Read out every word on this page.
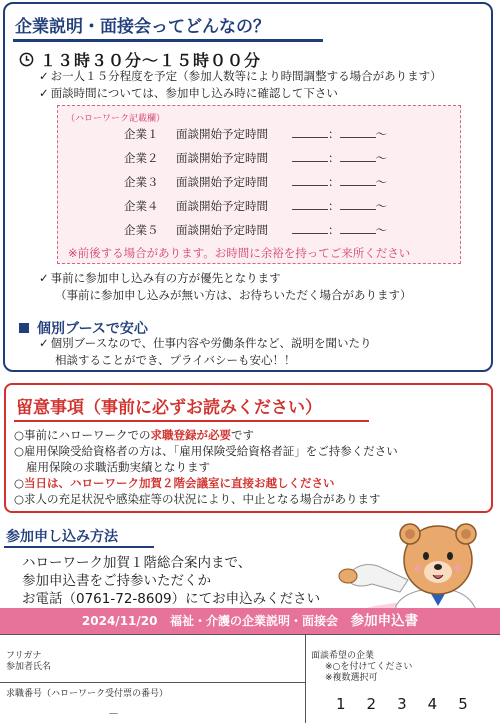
企業説明・面接会ってどんなの？
１３時３０分～１５時００分
✓ お一人１５分程度を予定（参加人数等により時間調整する場合があります）
✓ 面談時間については、参加申し込み時に確認して下さい
（ハローワーク記載欄）
企業１ 面談開始予定時間	：	～
企業２ 面談開始予定時間	：	～
企業３ 面談開始予定時間	：	～
企業４ 面談開始予定時間	：	～
企業５ 面談開始予定時間	：	～
※前後する場合があります。お時間に余裕を持ってご来所ください
✓ 事前に参加申し込み有の方が優先となります
（事前に参加申し込みが無い方は、お待ちいただく場合があります）
個別ブースで安心
✓ 個別ブースなので、仕事内容や労働条件など、説明を聞いたり
相談することができ、プライバシーも安心！！
留意事項（事前に必ずお読みください）
○事前にハローワークでの求職登録が必要です
○雇用保険受給資格者の方は、「雇用保険受給資格者証」をご持参ください
雇用保険の求職活動実績となります
○当日は、ハローワーク加賀２階会議室に直接お越しください
○求人の充足状況や感染症等の状況により、中止となる場合があります
参加申し込み方法
ハローワーク加賀１階総合案内まで、
参加申込書をご持参いただくか
お電話（0761-72-8609）にてお申込みください
2024/11/20 福祉・介護の企業説明・面接会 参加申込書
フリガナ
参加者氏名
求職番号（ハローワーク受付票の番号）
－
面談希望の企業
※○を付けてください
※複数選択可
1 2 3 4 5
